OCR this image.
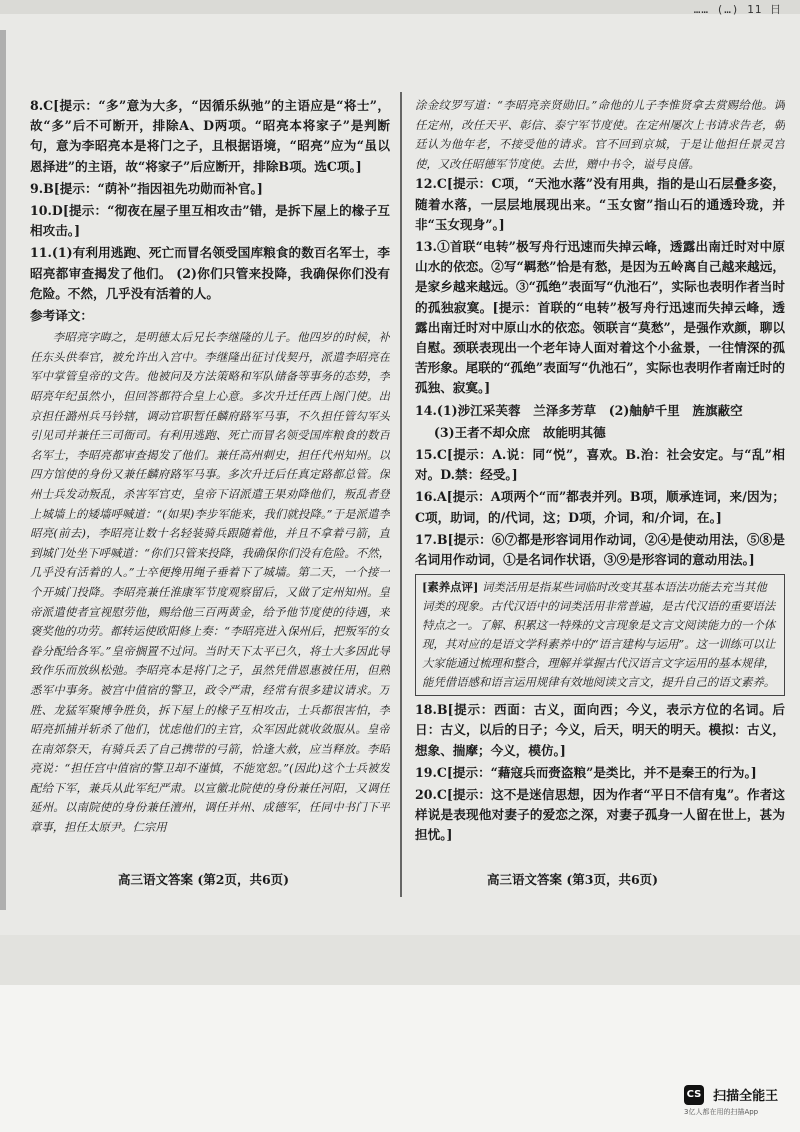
…… (…) 11 日

8.C[提示：“多”意为大多，“因循乐纵弛”的主语应是“将士”，故“多”后不可断开，排除A、D两项。“昭亮本将家子”是判断句，意为李昭亮本是将门之子，且根据语境，“昭亮”应为“虽以恩择进”的主语，故“将家子”后应断开，排除B项。选C项。]

9.B[提示：“荫补”指因祖先功勋而补官。]

10.D[提示：“彻夜在屋子里互相攻击”错，是拆下屋上的椽子互相攻击。]

11.(1)有利用逃跑、死亡而冒名领受国库粮食的数百名军士，李昭亮都审查揭发了他们。 (2)你们只管来投降，我确保你们没有危险。不然，几乎没有活着的人。

参考译文：

李昭亮字晦之，是明德太后兄长李继隆的儿子。他四岁的时候，补任东头供奉官，被允许出入宫中。李继隆出征讨伐契丹，派遣李昭亮在军中掌管皇帝的文告。他被问及方法策略和军队储备等事务的态势，李昭亮年纪虽然小，但回答都符合皇上心意。多次升迁任西上阁门使。出京担任潞州兵马钤辖，调动官职暂任麟府路军马事，不久担任管勾军头引见司并兼任三司衙司。有利用逃跑、死亡而冒名领受国库粮食的数百名军士，李昭亮都审查揭发了他们。兼任高州刺史，担任代州知州。以四方馆使的身份又兼任麟府路军马事。多次升迁后任真定路都总管。保州士兵发动叛乱，杀害军官吏，皇帝下诏派遣王果劝降他们，叛乱者登上城墙上的矮墙呼喊道：“(如果)李步军能来，我们就投降。”于是派遣李昭亮(前去)，李昭亮让数十名轻装骑兵跟随着他，并且不拿着弓箭，直到城门处坐下呼喊道：“你们只管来投降，我确保你们没有危险。不然，几乎没有活着的人。”士卒便搀用绳子垂着下了城墙。第二天，一个接一个开城门投降。李昭亮兼任淮康军节度观察留后，又做了定州知州。皇帝派遣使者宣视慰劳他，赐给他三百两黄金，给予他节度使的待遇，来褒奖他的功劳。都转运使欧阳修上奏：“李昭亮进入保州后，把叛军的女眷分配给各军。”皇帝搁置不过问。当时天下太平已久，将士大多因此导致作乐而放纵松弛。李昭亮本是将门之子，虽然凭借恩惠被任用，但熟悉军中事务。被宫中值宿的警卫，政令严肃，经常有很多建议请求。万胜、龙猛军聚博争胜负，拆下屋上的椽子互相攻击，士兵都很害怕，李昭亮抓捕并斩杀了他们，忧虑他们的主官，众军因此就收敛服从。皇帝在南郊祭天，有骑兵丢了自己携带的弓箭，恰逢大赦，应当释放。李昭亮说：“担任宫中值宿的警卫却不谨慎，不能宽恕。”(因此)这个士兵被发配给下军，兼兵从此军纪严肃。以宣徽北院使的身份兼任河阳，又调任延州。以南院使的身份兼任澶州，调任并州、成德军，任同中书门下平章事，担任太原尹。仁宗用

涂金纹罗写道：“李昭亮亲贤勋旧。”命他的儿子李惟贤拿去赏赐给他。调任定州，改任天平、彰信、泰宁军节度使。在定州屡次上书请求告老，朝廷认为他年老，不接受他的请求。官不回到京城，于是让他担任景灵宫使，又改任昭德军节度使。去世，赠中书令，谥号良僖。

12.C[提示：C项，“天池水落”没有用典，指的是山石层叠多姿，随着水落，一层层地展现出来。“玉女窗”指山石的通透玲珑，并非“玉女现身”。]

13.①首联“电转”极写舟行迅速而失掉云峰，透露出南迁时对中原山水的依恋。②写“羁愁”恰是有愁，是因为五岭离自己越来越远，是家乡越来越远。③“孤绝”表面写“仇池石”，实际也表明作者当时的孤独寂寞。[提示：首联的“电转”极写舟行迅速而失掉云峰，透露出南迁时对中原山水的依恋。领联言“莫愁”，是强作欢颜，聊以自慰。颈联表现出一个老年诗人面对着这个小盆景，一往情深的孤苦形象。尾联的“孤绝”表面写“仇池石”，实际也表明作者南迁时的孤独、寂寞。]

14.(1)涉江采芙蓉　兰泽多芳草　(2)舳舻千里　旌旗蔽空

(3)王者不却众庶　故能明其德

15.C[提示：A.说：同“悦”，喜欢。B.治：社会安定。与“乱”相对。D.禁：经受。]

16.A[提示：A项两个“而”都表并列。B项，顺承连词，来/因为；C项，助词，的/代词，这；D项，介词，和/介词，在。]

17.B[提示：⑥⑦都是形容词用作动词，②④是使动用法，⑤⑧是名词用作动词，①是名词作状语，③⑨是形容词的意动用法。]

[素养点评] 词类活用是指某些词临时改变其基本语法功能去充当其他词类的现象。古代汉语中的词类活用非常普遍，是古代汉语的重要语法特点之一。了解、积累这一特殊的文言现象是文言文阅读能力的一个体现，其对应的是语文学科素养中的“语言建构与运用”。这一训练可以让大家能通过梳理和整合，理解并掌握古代汉语言文字运用的基本规律，能凭借语感和语言运用规律有效地阅读文言文，提升自己的语文素养。

18.B[提示：西面：古义，面向西；今义，表示方位的名词。后日：古义，以后的日子；今义，后天，明天的明天。模拟：古义，想象、揣摩；今义，模仿。]

19.C[提示：“藉寇兵而赍盗粮”是类比，并不是秦王的行为。]

20.C[提示：这不是迷信思想，因为作者“平日不信有鬼”。作者这样说是表现他对妻子的爱恋之深，对妻子孤身一人留在世上，甚为担忧。]

高三语文答案 (第2页，共6页)	高三语文答案 (第3页，共6页)
CS 扫描全能王
3亿人都在用的扫描App
